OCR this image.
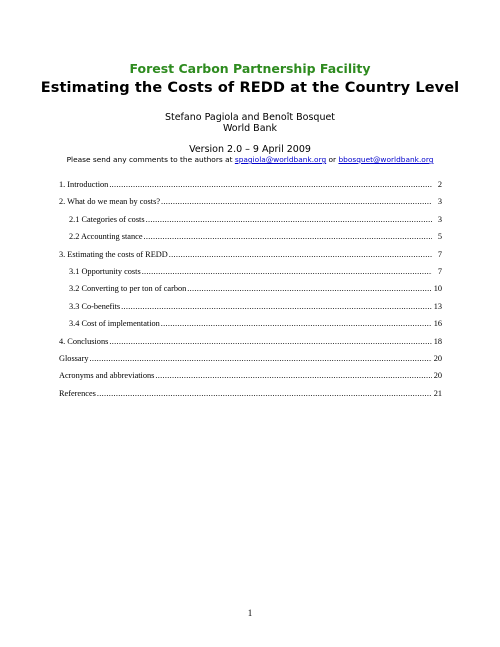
Forest Carbon Partnership Facility
Estimating the Costs of REDD at the Country Level
Stefano Pagiola and Benoît Bosquet
World Bank
Version 2.0 – 9 April 2009
Please send any comments to the authors at spagiola@worldbank.org or bbosquet@worldbank.org
1. Introduction .....	2
2. What do we mean by costs? .....	3
2.1 Categories of costs .....	3
2.2 Accounting stance .....	5
3. Estimating the costs of REDD .....	7
3.1 Opportunity costs .....	7
3.2 Converting to per ton of carbon .....	10
3.3 Co-benefits .....	13
3.4 Cost of implementation .....	16
4. Conclusions .....	18
Glossary .....	20
Acronyms and abbreviations .....	20
References .....	21
1
